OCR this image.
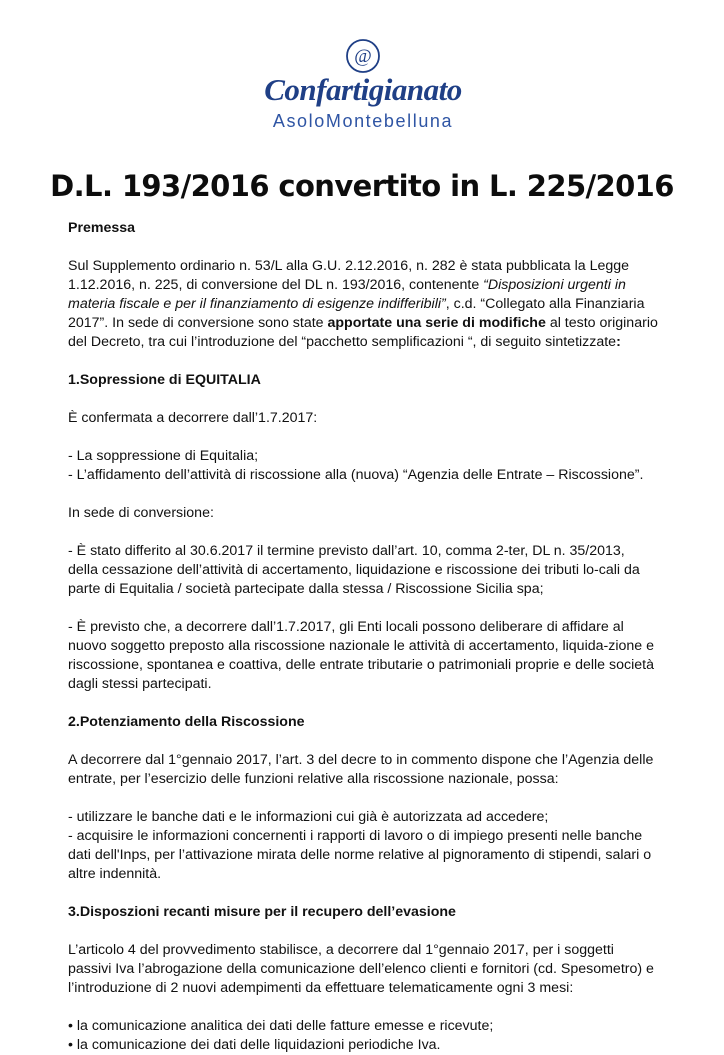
@
Confartigianato
AsoloMontebelluna
D.L. 193/2016 convertito in L. 225/2016

Premessa

Sul Supplemento ordinario n. 53/L alla G.U. 2.12.2016, n. 282 è stata pubblicata la Legge 1.12.2016, n. 225, di conversione del DL n. 193/2016, contenente “Disposizioni urgenti in materia fiscale e per il finanziamento di esigenze indifferibili”, c.d. “Collegato alla Finanziaria 2017”. In sede di conversione sono state apportate una serie di modifiche al testo originario del Decreto, tra cui l’introduzione del “pacchetto semplificazioni “, di seguito sintetizzate:

1.Sopressione di EQUITALIA

È confermata a decorrere dall’1.7.2017:

- La soppressione di Equitalia;

- L’affidamento dell’attività di riscossione alla (nuova) “Agenzia delle Entrate – Riscossione”.

In sede di conversione:

- È stato differito al 30.6.2017 il termine previsto dall’art. 10, comma 2-ter, DL n. 35/2013, della cessazione dell’attività di accertamento, liquidazione e riscossione dei tributi lo-cali da parte di Equitalia / società partecipate dalla stessa / Riscossione Sicilia spa;

- È previsto che, a decorrere dall’1.7.2017, gli Enti locali possono deliberare di affidare al nuovo soggetto preposto alla riscossione nazionale le attività di accertamento, liquida-zione e riscossione, spontanea e coattiva, delle entrate tributarie o patrimoniali proprie e delle società dagli stessi partecipati.

2.Potenziamento della Riscossione

A decorrere dal 1°gennaio 2017, l’art. 3 del decre to in commento dispone che l’Agenzia delle entrate, per l’esercizio delle funzioni relative alla riscossione nazionale, possa:

- utilizzare le banche dati e le informazioni cui già è autorizzata ad accedere;

- acquisire le informazioni concernenti i rapporti di lavoro o di impiego presenti nelle banche dati dell'Inps, per l’attivazione mirata delle norme relative al pignoramento di stipendi, salari o altre indennità.

3.Disposzioni recanti misure per il recupero dell’evasione

L’articolo 4 del provvedimento stabilisce, a decorrere dal 1°gennaio 2017, per i soggetti passivi Iva l’abrogazione della comunicazione dell’elenco clienti e fornitori (cd. Spesometro) e l’introduzione di 2 nuovi adempimenti da effettuare telematicamente ogni 3 mesi:

• la comunicazione analitica dei dati delle fatture emesse e ricevute;

• la comunicazione dei dati delle liquidazioni periodiche Iva.
